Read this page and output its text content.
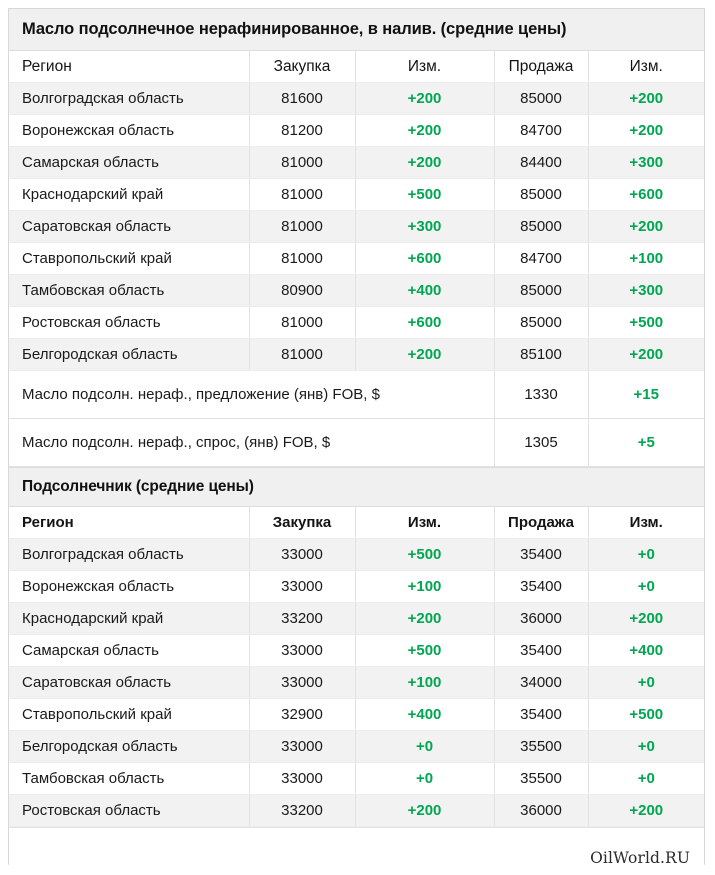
Масло подсолнечное нерафинированное, в налив. (средние цены)
Регион	Закупка	Изм.	Продажа	Изм.
Волгоградская область	81600	+200	85000	+200
Воронежская область	81200	+200	84700	+200
Самарская область	81000	+200	84400	+300
Краснодарский край	81000	+500	85000	+600
Саратовская область	81000	+300	85000	+200
Ставропольский край	81000	+600	84700	+100
Тамбовская область	80900	+400	85000	+300
Ростовская область	81000	+600	85000	+500
Белгородская область	81000	+200	85100	+200
Масло подсолн. нераф., предложение (янв) FOB, $			1330	+15
Масло подсолн. нераф., спрос, (янв) FOB, $			1305	+5
Подсолнечник (средние цены)
Регион	Закупка	Изм.	Продажа	Изм.
Волгоградская область	33000	+500	35400	+0
Воронежская область	33000	+100	35400	+0
Краснодарский край	33200	+200	36000	+200
Самарская область	33000	+500	35400	+400
Саратовская область	33000	+100	34000	+0
Ставропольский край	32900	+400	35400	+500
Белгородская область	33000	+0	35500	+0
Тамбовская область	33000	+0	35500	+0
Ростовская область	33200	+200	36000	+200
OilWorld.RU
